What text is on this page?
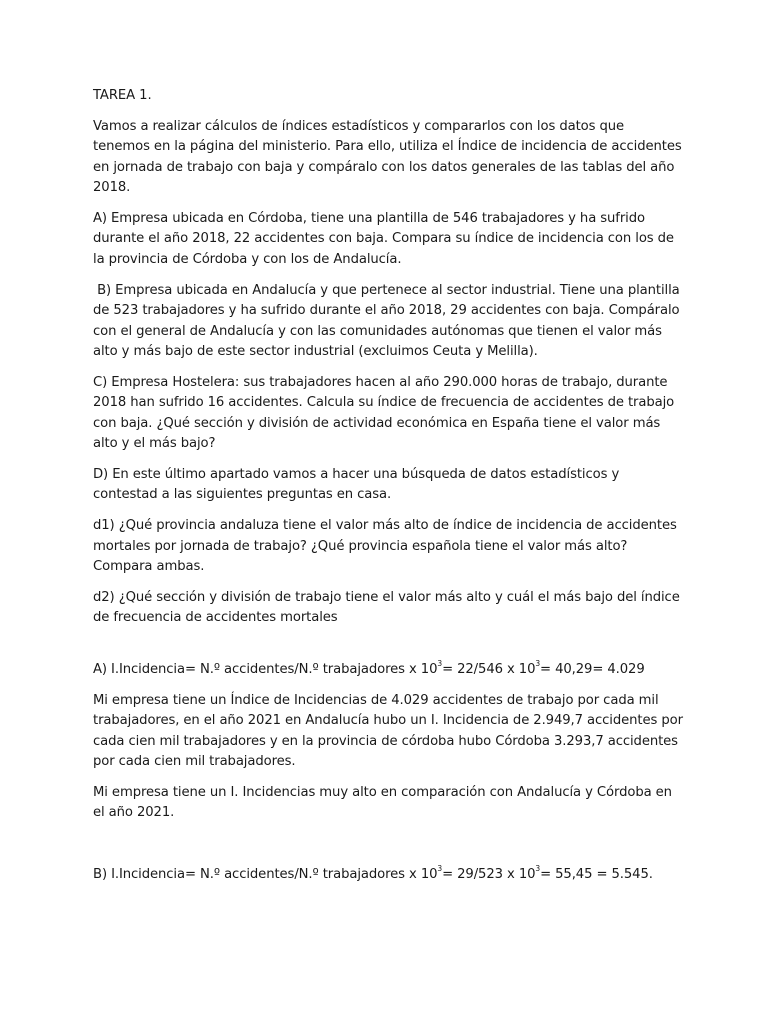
TAREA 1.

Vamos a realizar cálculos de índices estadísticos y compararlos con los datos que tenemos en la página del ministerio. Para ello, utiliza el Índice de incidencia de accidentes en jornada de trabajo con baja y compáralo con los datos generales de las tablas del año 2018.

A) Empresa ubicada en Córdoba, tiene una plantilla de 546 trabajadores y ha sufrido durante el año 2018, 22 accidentes con baja. Compara su índice de incidencia con los de la provincia de Córdoba y con los de Andalucía.

B) Empresa ubicada en Andalucía y que pertenece al sector industrial. Tiene una plantilla de 523 trabajadores y ha sufrido durante el año 2018, 29 accidentes con baja. Compáralo con el general de Andalucía y con las comunidades autónomas que tienen el valor más alto y más bajo de este sector industrial (excluimos Ceuta y Melilla).

C) Empresa Hostelera: sus trabajadores hacen al año 290.000 horas de trabajo, durante 2018 han sufrido 16 accidentes. Calcula su índice de frecuencia de accidentes de trabajo con baja. ¿Qué sección y división de actividad económica en España tiene el valor más alto y el más bajo?

D) En este último apartado vamos a hacer una búsqueda de datos estadísticos y contestad a las siguientes preguntas en casa.

d1) ¿Qué provincia andaluza tiene el valor más alto de índice de incidencia de accidentes mortales por jornada de trabajo? ¿Qué provincia española tiene el valor más alto? Compara ambas.

d2) ¿Qué sección y división de trabajo tiene el valor más alto y cuál el más bajo del índice de frecuencia de accidentes mortales

A) I.Incidencia= N.º accidentes/N.º trabajadores x $10^3= 22/546$ x $10^3= 40,29= 4.029$

Mi empresa tiene un Índice de Incidencias de 4.029 accidentes de trabajo por cada mil trabajadores, en el año 2021 en Andalucía hubo un I. Incidencia de 2.949,7 accidentes por cada cien mil trabajadores y en la provincia de córdoba hubo Córdoba 3.293,7 accidentes por cada cien mil trabajadores.

Mi empresa tiene un I. Incidencias muy alto en comparación con Andalucía y Córdoba en el año 2021.

B) I.Incidencia= N.º accidentes/N.º trabajadores x $10^3= 29/523$ x $10^3= 55,45 = 5.545$.
